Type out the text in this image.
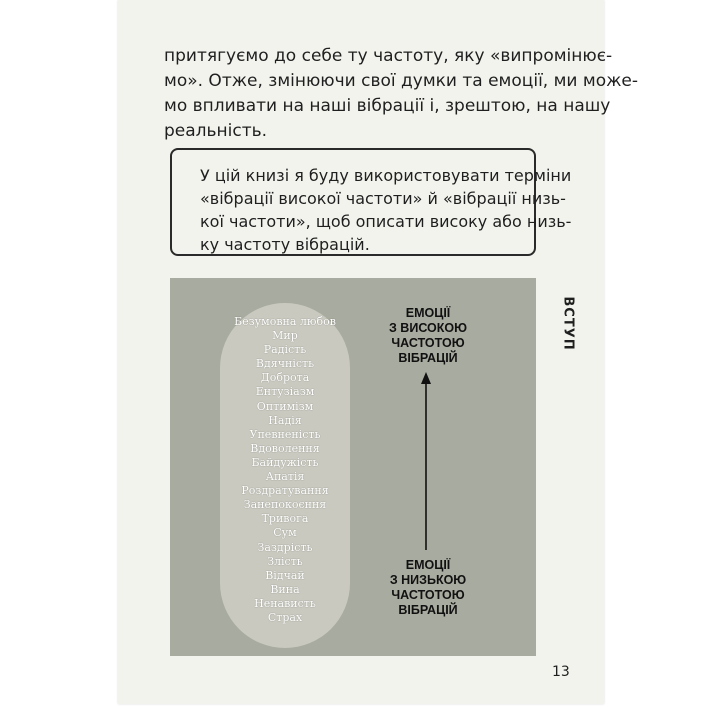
притягуємо до себе ту частоту, яку «випромінює-
мо». Отже, змінюючи свої думки та емоції, ми може-
мо впливати на наші вібрації і, зрештою, на нашу
реальність.
У цій книзі я буду використовувати терміни
«вібрації високої частоти» й «вібрації низь-
кої частоти», щоб описати високу або низь-
ку частоту вібрацій.
ВСТУП
Безумовна любов
Мир
Радість
Вдячність
Доброта
Ентузіазм
Оптимізм
Надія
Упевненість
Вдоволення
Байдужість
Апатія
Роздратування
Занепокоєння
Тривога
Сум
Заздрість
Злість
Відчай
Вина
Ненависть
Страх
ЕМОЦІЇ
З ВИСОКОЮ
ЧАСТОТОЮ
ВІБРАЦІЙ
ЕМОЦІЇ
З НИЗЬКОЮ
ЧАСТОТОЮ
ВІБРАЦІЙ
13
